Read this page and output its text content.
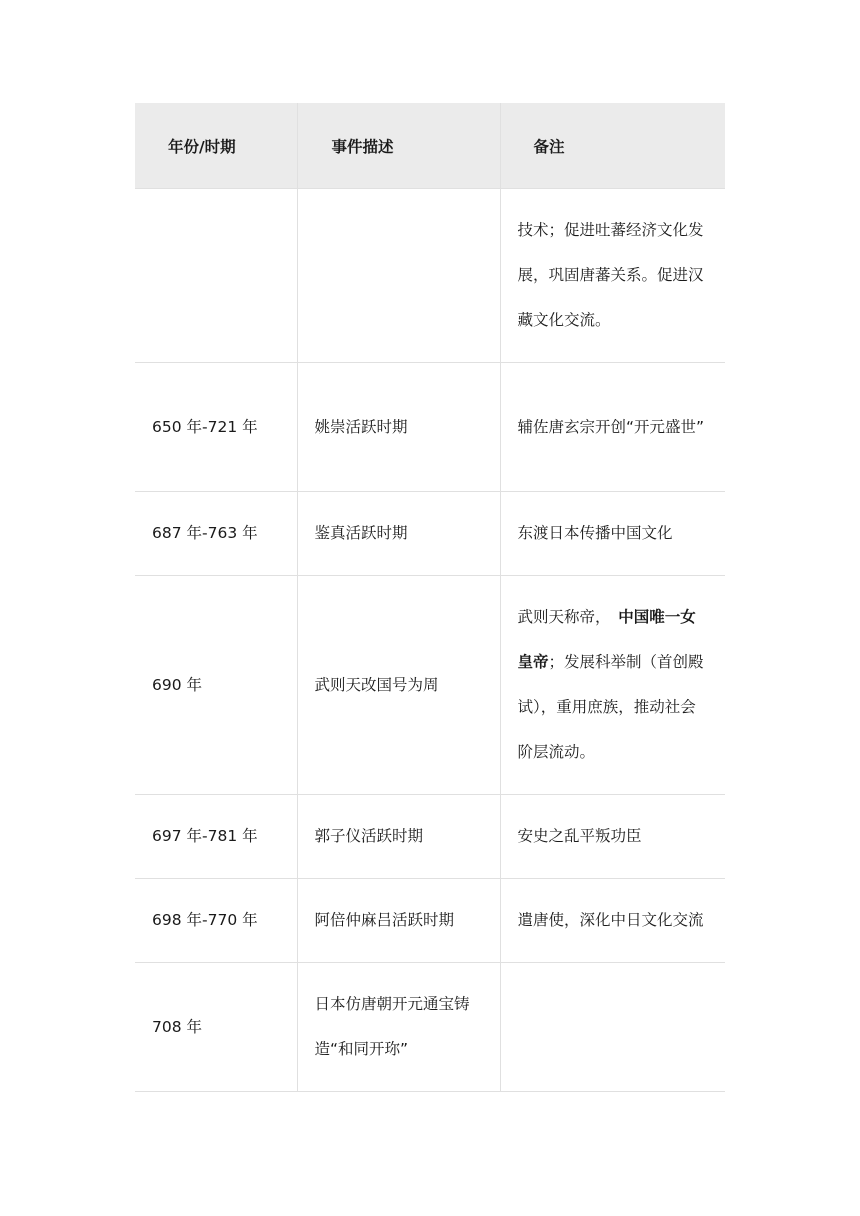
年份/时期	事件描述	备注

		技术；促进吐蕃经济文化发展，巩固唐蕃关系。促进汉藏文化交流。
650 年-721 年	姚崇活跃时期	辅佐唐玄宗开创“开元盛世”
687 年-763 年	鉴真活跃时期	东渡日本传播中国文化
690 年	武则天改国号为周	武则天称帝，　中国唯一女皇帝；发展科举制（首创殿试），重用庶族，推动社会阶层流动。
697 年-781 年	郭子仪活跃时期	安史之乱平叛功臣
698 年-770 年	阿倍仲麻吕活跃时期	遣唐使，深化中日文化交流
708 年	日本仿唐朝开元通宝铸造“和同开珎”	
